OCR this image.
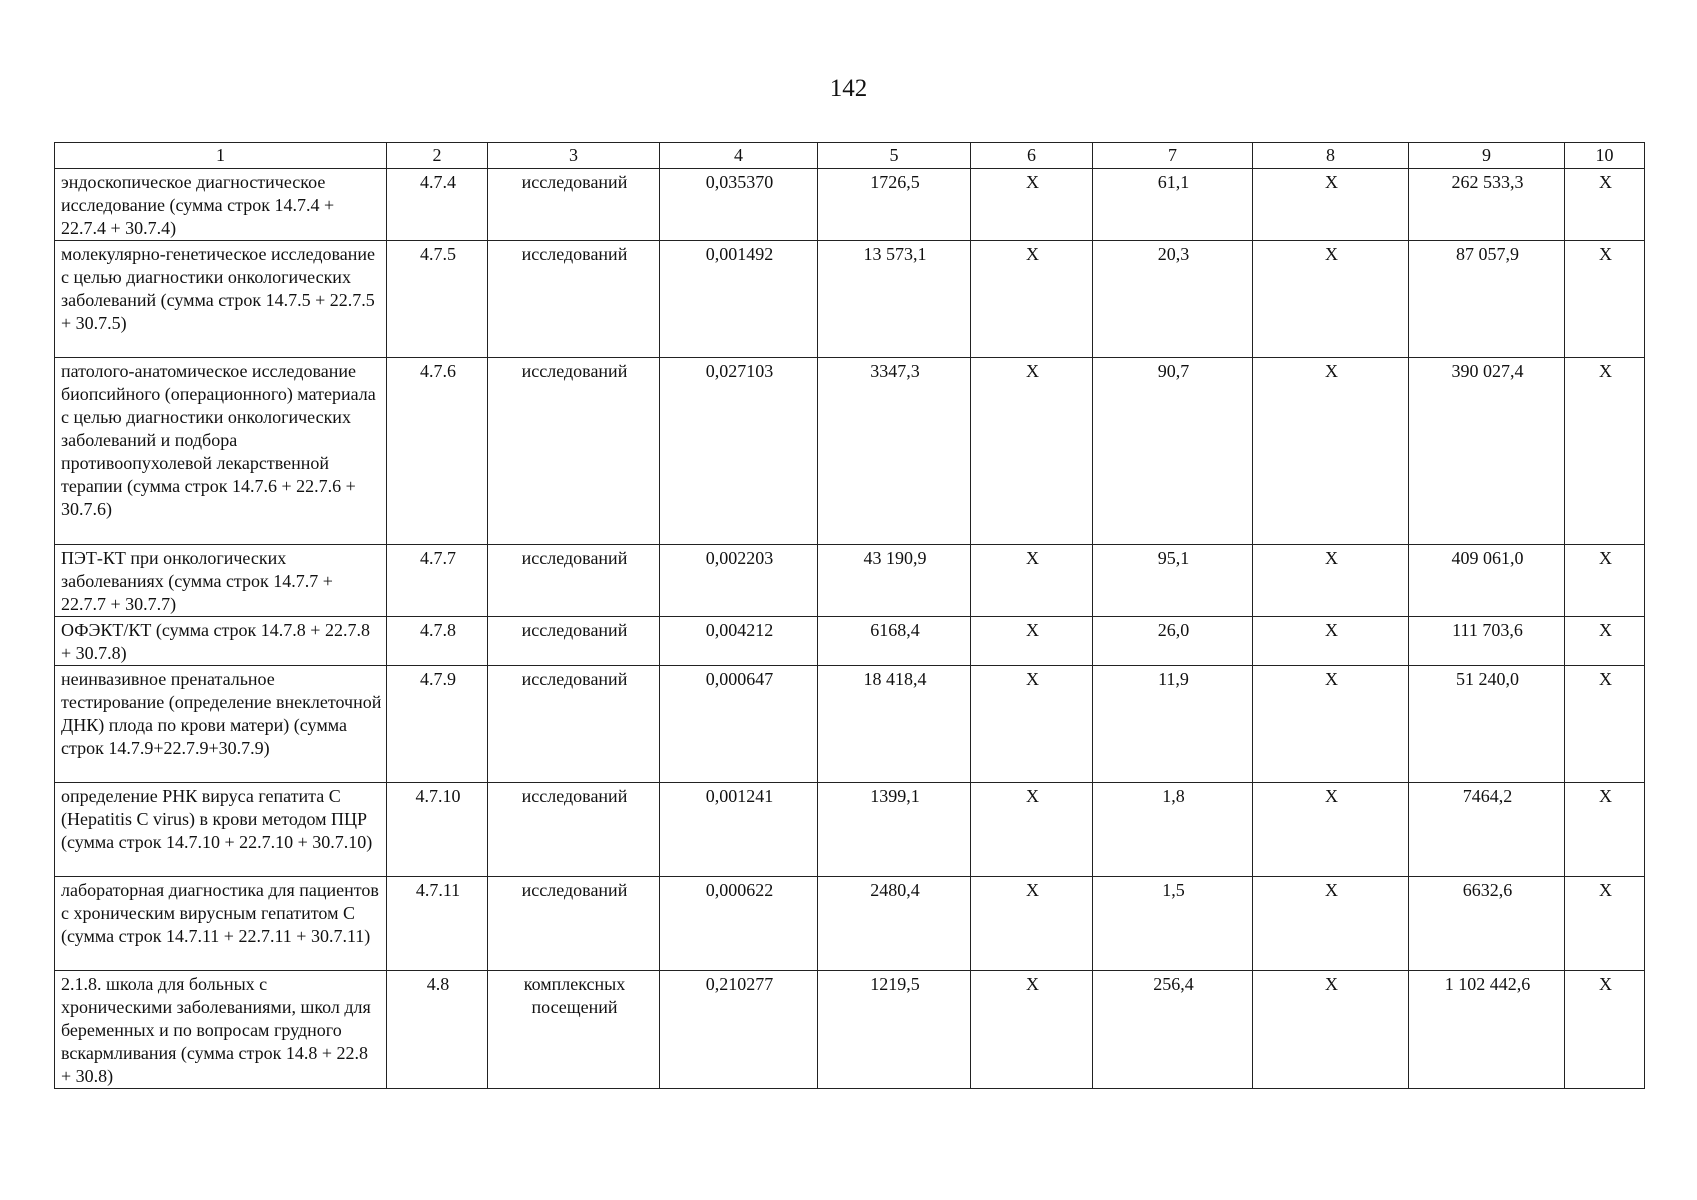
142
1	2	3	4	5	6	7	8	9	10
эндоскопическое диагностическое исследование (сумма строк 14.7.4 + 22.7.4 + 30.7.4)	4.7.4	исследований	0,035370	1726,5	Х	61,1	Х	262 533,3	Х
молекулярно-генетическое исследование с целью диагностики онкологических заболеваний (сумма строк 14.7.5 + 22.7.5 + 30.7.5)	4.7.5	исследований	0,001492	13 573,1	Х	20,3	Х	87 057,9	Х
патолого-анатомическое исследование биопсийного (операционного) материала с целью диагностики онкологических заболеваний и подбора противоопухолевой лекарственной терапии (сумма строк 14.7.6 + 22.7.6 + 30.7.6)	4.7.6	исследований	0,027103	3347,3	Х	90,7	Х	390 027,4	Х
ПЭТ-КТ при онкологических заболеваниях (сумма строк 14.7.7 + 22.7.7 + 30.7.7)	4.7.7	исследований	0,002203	43 190,9	Х	95,1	Х	409 061,0	Х
ОФЭКТ/КТ (сумма строк 14.7.8 + 22.7.8 + 30.7.8)	4.7.8	исследований	0,004212	6168,4	Х	26,0	Х	111 703,6	Х
неинвазивное пренатальное тестирование (определение внеклеточной ДНК) плода по крови матери) (сумма строк 14.7.9+22.7.9+30.7.9)	4.7.9	исследований	0,000647	18 418,4	Х	11,9	Х	51 240,0	Х
определение РНК вируса гепатита С (Hepatitis C virus) в крови методом ПЦР (сумма строк 14.7.10 + 22.7.10 + 30.7.10)	4.7.10	исследований	0,001241	1399,1	Х	1,8	Х	7464,2	Х
лабораторная диагностика для пациентов с хроническим вирусным гепатитом С (сумма строк 14.7.11 + 22.7.11 + 30.7.11)	4.7.11	исследований	0,000622	2480,4	Х	1,5	Х	6632,6	Х
2.1.8. школа для больных с хроническими заболеваниями, школ для беременных и по вопросам грудного вскармливания (сумма строк 14.8 + 22.8 + 30.8)	4.8	комплексных посещений	0,210277	1219,5	Х	256,4	Х	1 102 442,6	Х
